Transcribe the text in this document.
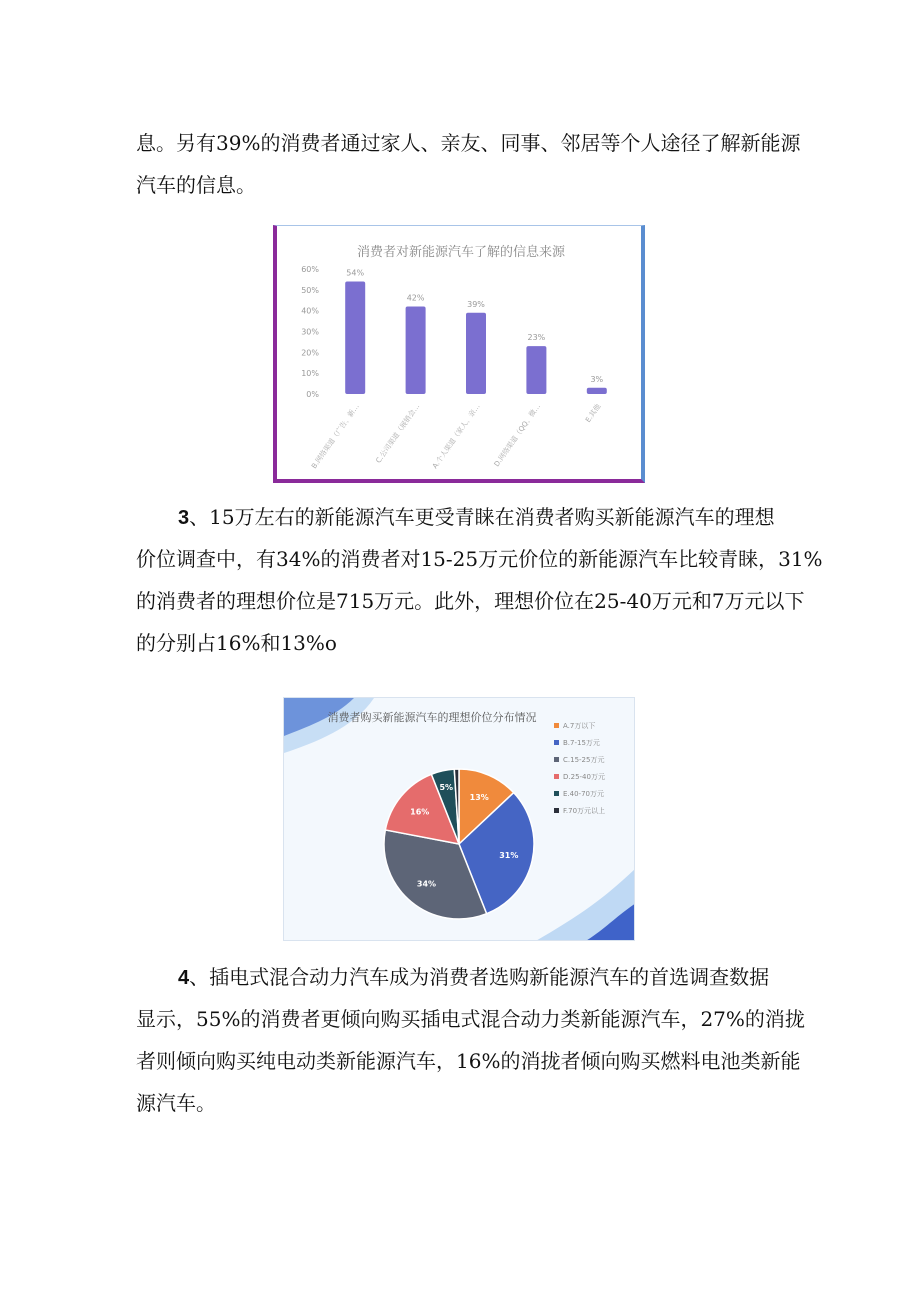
息。另有39%的消费者通过家人、亲友、同事、邻居等个人途径了解新能源
汽车的信息。
消费者对新能源汽车了解的信息来源
0%
10%
20%
30%
40%
50%
60%	54%
42%
39%
23%
3%
B.网络渠道（广告、新… C.公司渠道（展销会… A.个人渠道（家人、亲… D.网络渠道（QQ、微…	E.其他
3、15万左右的新能源汽车更受青睐在消费者购买新能源汽车的理想
价位调查中，有34%的消费者对15-25万元价位的新能源汽车比较青睐，31%
的消费者的理想价位是715万元。此外，理想价位在25-40万元和7万元以下
的分别占16%和13%o
消费者购买新能源汽车的理想价位分布情况
13%
31%
34%
16%
5%
A.7万以下
B.7-15万元
C.15-25万元
D.25-40万元
E.40-70万元
F.70万元以上
4、插电式混合动力汽车成为消费者选购新能源汽车的首选调查数据
显示，55%的消费者更倾向购买插电式混合动力类新能源汽车，27%的消拢
者则倾向购买纯电动类新能源汽车，16%的消拢者倾向购买燃料电池类新能
源汽车。
